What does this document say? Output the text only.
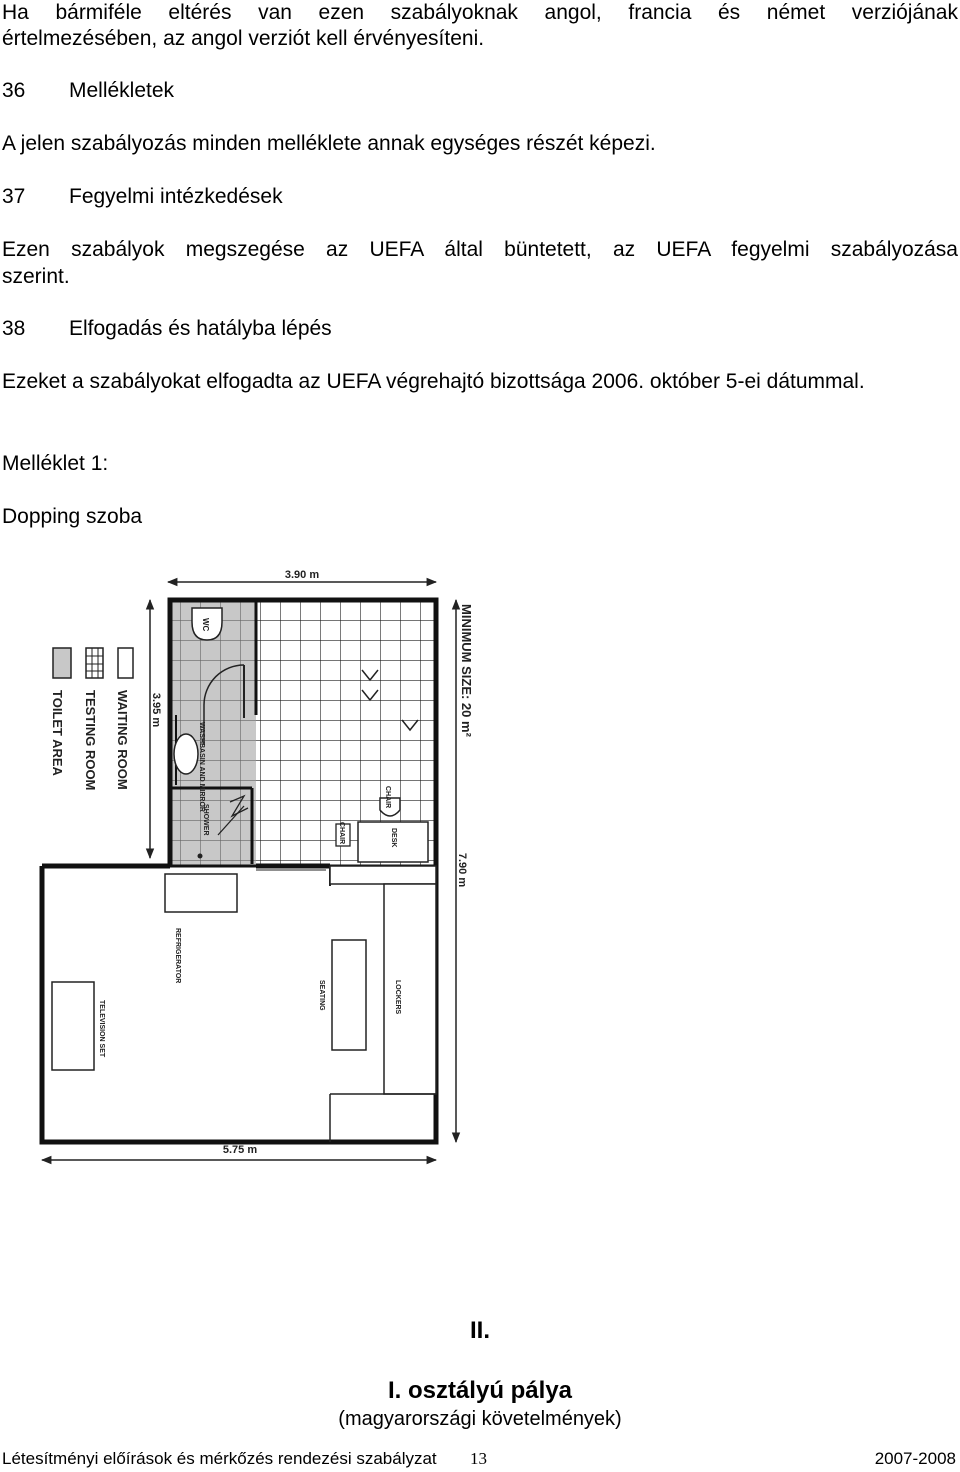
Ha bármiféle eltérés van ezen szabályoknak angol, francia és német verziójának
értelmezésében, az angol verziót kell érvényesíteni.
36 Mellékletek
A jelen szabályozás minden melléklete annak egységes részét képezi.
37 Fegyelmi intézkedések
Ezen szabályok megszegése az UEFA által büntetett, az UEFA fegyelmi szabályozása
szerint.
38 Elfogadás és hatályba lépés
Ezeket a szabályokat elfogadta az UEFA végrehajtó bizottsága 2006. október 5-ei dátummal.
Melléklet 1:
Dopping szoba
3.90 m
3.95 m
7.90 m
MINIMUM SIZE: 20 m²
5.75 m
TOILET AREA TESTING ROOM WAITING ROOM
WC
WASHBASIN AND MIRROR
SHOWER
DESK
CHAIR
CHAIR
REFRIGERATOR
TELEVISION SET
SEATING	LOCKERS
II.
I. osztályú pálya
(magyarországi követelmények)
Létesítményi előírások és mérkőzés rendezési szabályzat 13	2007-2008
